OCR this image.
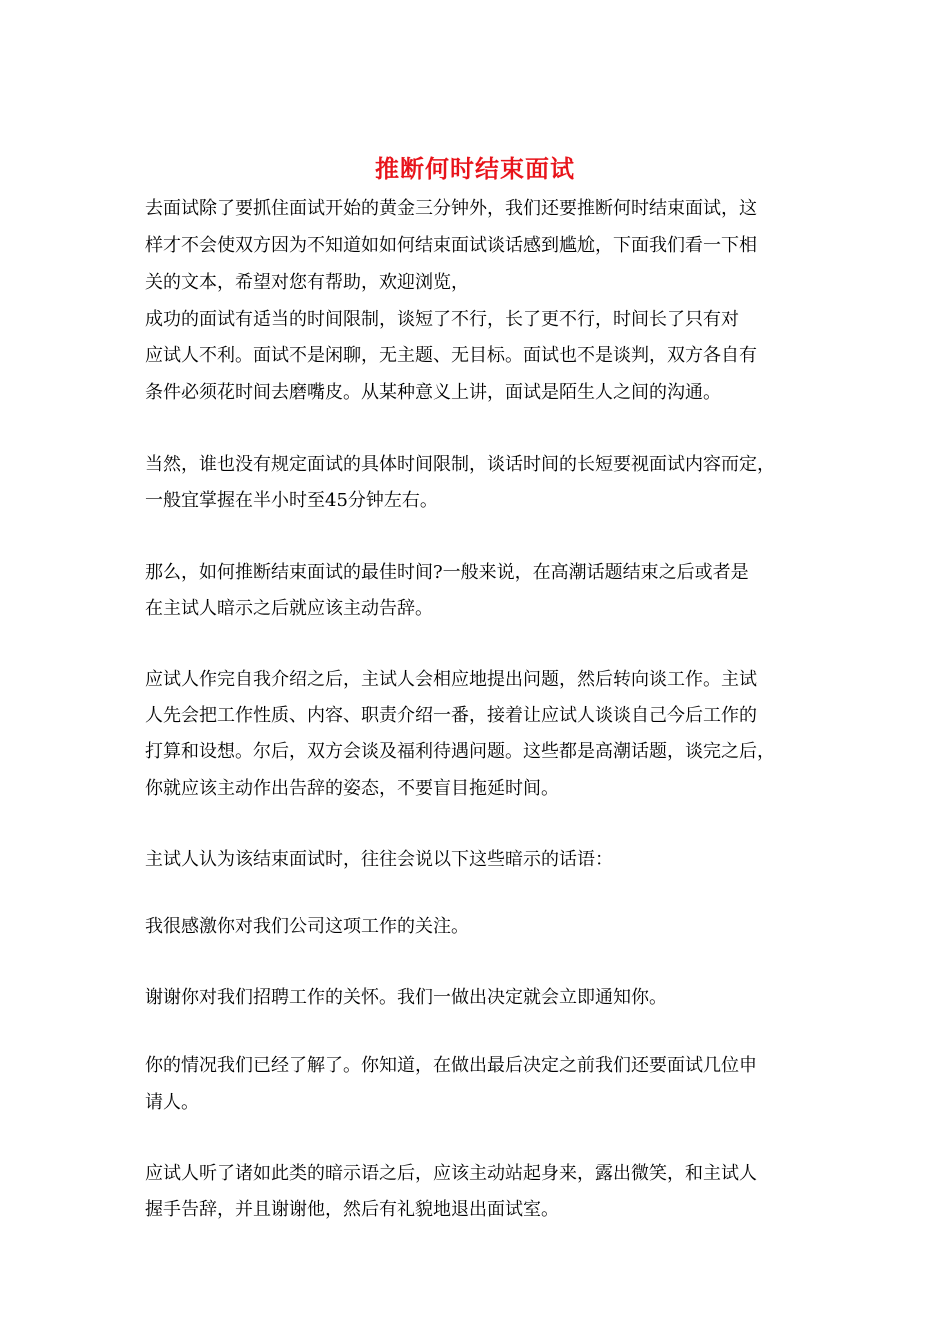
推断何时结束面试
去面试除了要抓住面试开始的黄金三分钟外，我们还要推断何时结束面试，这
样才不会使双方因为不知道如如何结束面试谈话感到尴尬，下面我们看一下相
关的文本，希望对您有帮助，欢迎浏览，
成功的面试有适当的时间限制，谈短了不行，长了更不行，时间长了只有对
应试人不利。面试不是闲聊，无主题、无目标。面试也不是谈判，双方各自有
条件必须花时间去磨嘴皮。从某种意义上讲，面试是陌生人之间的沟通。
当然，谁也没有规定面试的具体时间限制，谈话时间的长短要视面试内容而定，
一般宜掌握在半小时至45分钟左右。
那么，如何推断结束面试的最佳时间?一般来说，在高潮话题结束之后或者是
在主试人暗示之后就应该主动告辞。
应试人作完自我介绍之后，主试人会相应地提出问题，然后转向谈工作。主试
人先会把工作性质、内容、职责介绍一番，接着让应试人谈谈自己今后工作的
打算和设想。尔后，双方会谈及福利待遇问题。这些都是高潮话题，谈完之后，
你就应该主动作出告辞的姿态，不要盲目拖延时间。
主试人认为该结束面试时，往往会说以下这些暗示的话语：
我很感激你对我们公司这项工作的关注。
谢谢你对我们招聘工作的关怀。我们一做出决定就会立即通知你。
你的情况我们已经了解了。你知道，在做出最后决定之前我们还要面试几位申
请人。
应试人听了诸如此类的暗示语之后，应该主动站起身来，露出微笑，和主试人
握手告辞，并且谢谢他，然后有礼貌地退出面试室。
